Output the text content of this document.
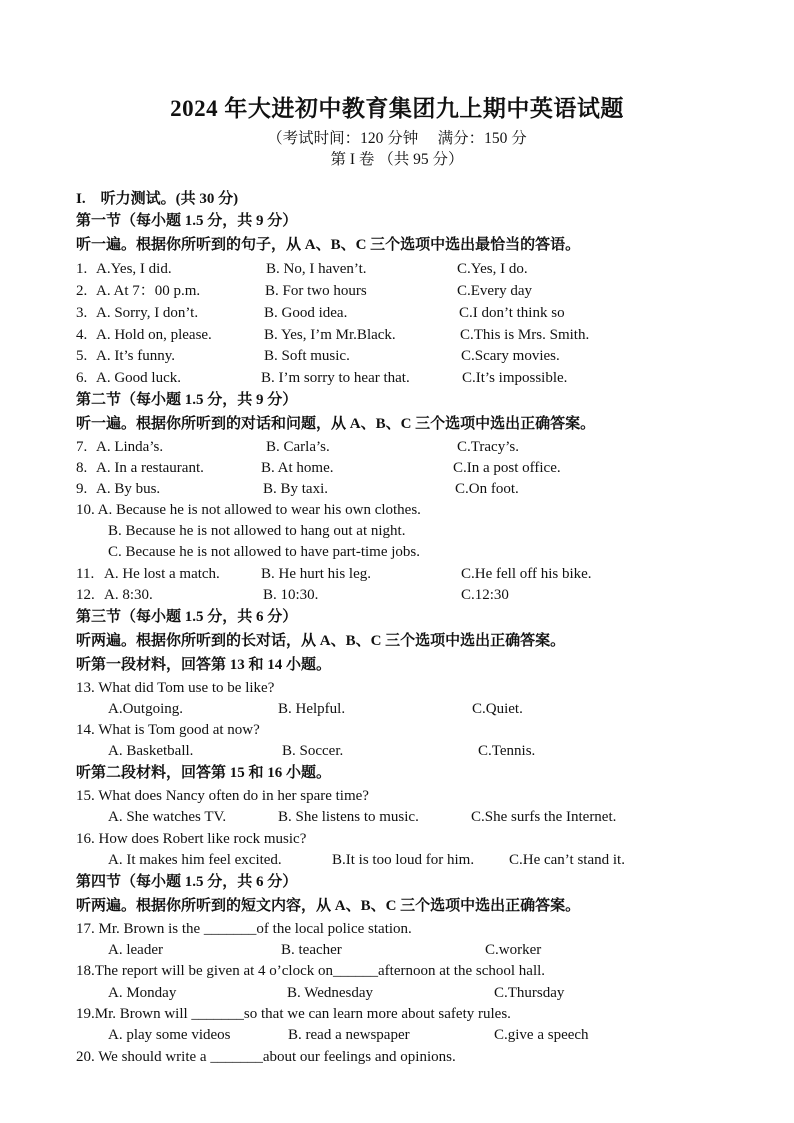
2024 年大进初中教育集团九上期中英语试题
（考试时间：120 分钟　 满分：150 分
第 I 卷 （共 95 分）
I.　听力测试。(共 30 分)
第一节（每小题 1.5 分，共 9 分）
听一遍。根据你所听到的句子，从 A、B、C 三个选项中选出最恰当的答语。
1. A.Yes, I did.	B. No, I haven’t.	C.Yes, I do.
2. A. At 7：00 p.m.	B. For two hours	C.Every day
3. A. Sorry, I don’t.	B. Good idea.	C.I don’t think so
4. A. Hold on, please.	B. Yes, I’m Mr.Black.	C.This is Mrs. Smith.
5. A. It’s funny.	B. Soft music.	C.Scary movies.
6. A. Good luck.	B. I’m sorry to hear that.	C.It’s impossible.
第二节（每小题 1.5 分，共 9 分）
听一遍。根据你所听到的对话和问题，从 A、B、C 三个选项中选出正确答案。
7. A. Linda’s.	B. Carla’s.	C.Tracy’s.
8. A. In a restaurant.	B. At home.	C.In a post office.
9. A. By bus.	B. By taxi.	C.On foot.
10. A. Because he is not allowed to wear his own clothes.
B. Because he is not allowed to hang out at night.
C. Because he is not allowed to have part-time jobs.
11. A. He lost a match.	B. He hurt his leg.	C.He fell off his bike.
12. A. 8:30.	B. 10:30.	C.12:30
第三节（每小题 1.5 分，共 6 分）
听两遍。根据你所听到的长对话，从 A、B、C 三个选项中选出正确答案。
听第一段材料，回答第 13 和 14 小题。
13. What did Tom use to be like?
A.Outgoing.	B. Helpful.	C.Quiet.
14. What is Tom good at now?
A. Basketball.	B. Soccer.	C.Tennis.
听第二段材料，回答第 15 和 16 小题。
15. What does Nancy often do in her spare time?
A. She watches TV.	B. She listens to music.	C.She surfs the Internet.
16. How does Robert like rock music?
A. It makes him feel excited.	B.It is too loud for him. C.He can’t stand it.
第四节（每小题 1.5 分，共 6 分）
听两遍。根据你所听到的短文内容，从 A、B、C 三个选项中选出正确答案。
17. Mr. Brown is the _______of the local police station.
A. leader	B. teacher	C.worker
18.The report will be given at 4 o’clock on______afternoon at the school hall.
A. Monday	B. Wednesday	C.Thursday
19.Mr. Brown will _______so that we can learn more about safety rules.
A. play some videos	B. read a newspaper	C.give a speech
20. We should write a _______about our feelings and opinions.
